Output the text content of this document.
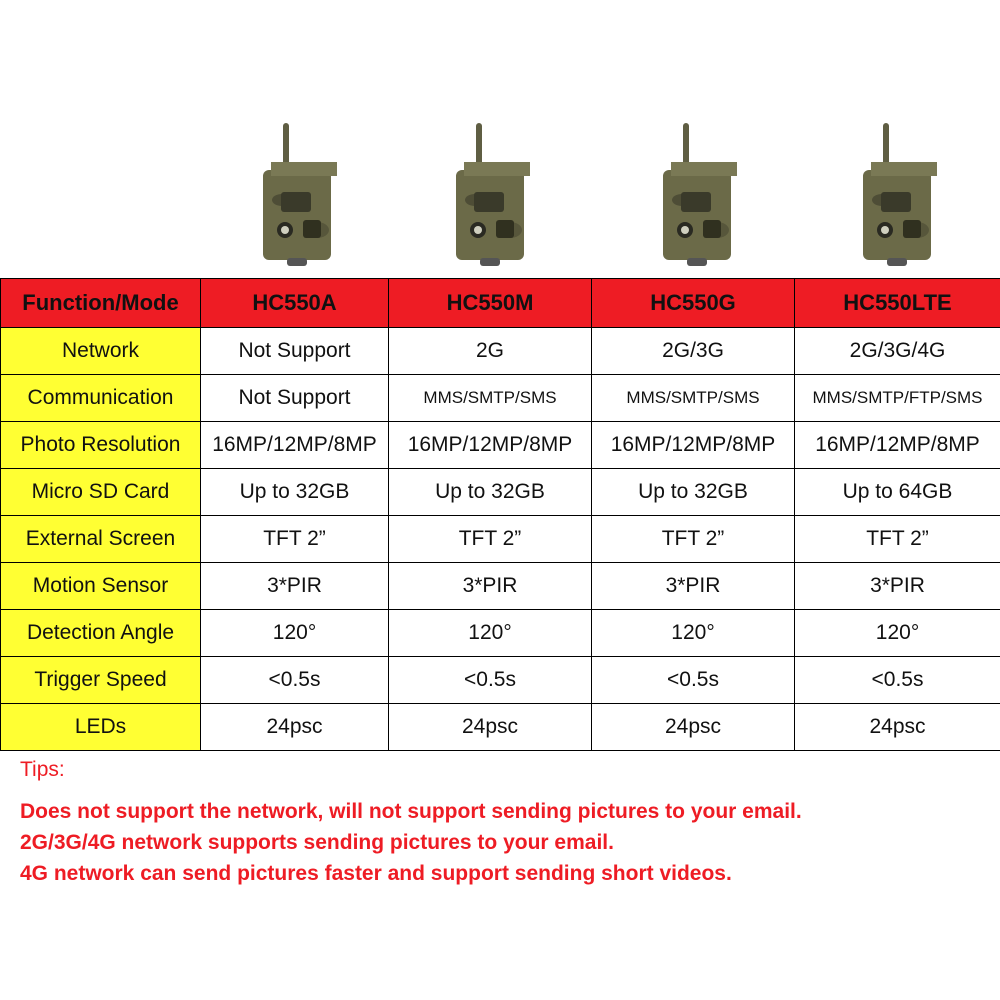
Function/Mode	HC550A	HC550M	HC550G	HC550LTE
Network	Not Support	2G	2G/3G	2G/3G/4G
Communication	Not Support	MMS/SMTP/SMS	MMS/SMTP/SMS	MMS/SMTP/FTP/SMS
Photo Resolution	16MP/12MP/8MP	16MP/12MP/8MP	16MP/12MP/8MP	16MP/12MP/8MP
Micro SD Card	Up to 32GB	Up to 32GB	Up to 32GB	Up to 64GB
External Screen	TFT 2”	TFT 2”	TFT 2”	TFT 2”
Motion Sensor	3*PIR	3*PIR	3*PIR	3*PIR
Detection Angle	120°	120°	120°	120°
Trigger Speed	<0.5s	<0.5s	<0.5s	<0.5s
LEDs	24psc	24psc	24psc	24psc
Tips:
Does not support the network, will not support sending pictures to your email.
2G/3G/4G network supports sending pictures to your email.
4G network can send pictures faster and support sending short videos.
